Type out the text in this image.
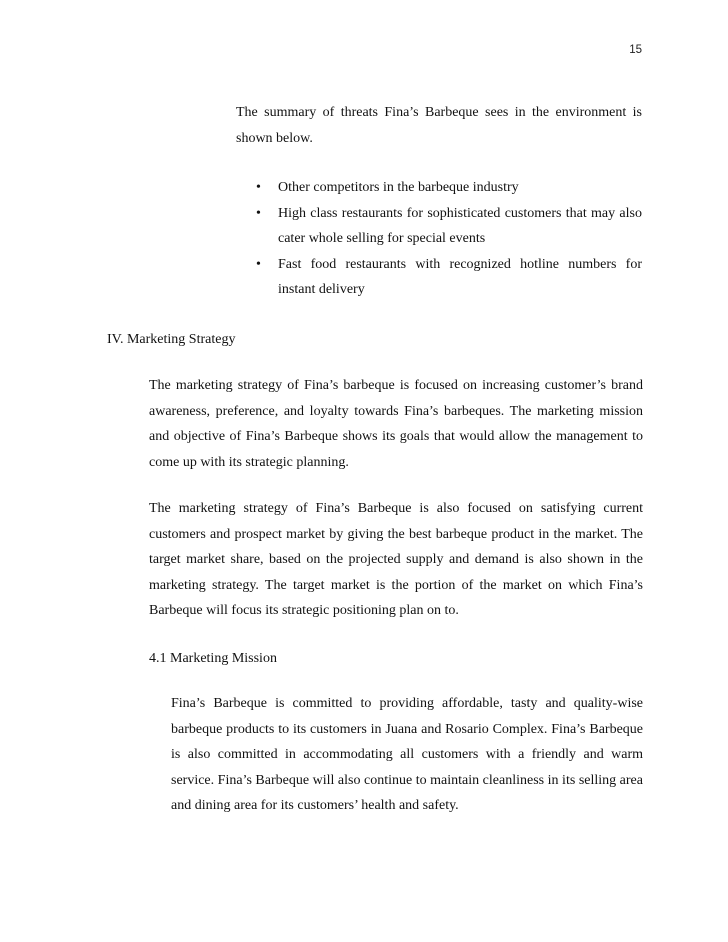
15

The summary of threats Fina’s Barbeque sees in the environment is shown below.

• Other competitors in the barbeque industry
• High class restaurants for sophisticated customers that may also cater whole selling for special events
• Fast food restaurants with recognized hotline numbers for instant delivery
IV. Marketing Strategy

The marketing strategy of Fina’s barbeque is focused on increasing customer’s brand awareness, preference, and loyalty towards Fina’s barbeques. The marketing mission and objective of Fina’s Barbeque shows its goals that would allow the management to come up with its strategic planning.

The marketing strategy of Fina’s Barbeque is also focused on satisfying current customers and prospect market by giving the best barbeque product in the market. The target market share, based on the projected supply and demand is also shown in the marketing strategy. The target market is the portion of the market on which Fina’s Barbeque will focus its strategic positioning plan on to.

4.1 Marketing Mission

Fina’s Barbeque is committed to providing affordable, tasty and quality-wise barbeque products to its customers in Juana and Rosario Complex. Fina’s Barbeque is also committed in accommodating all customers with a friendly and warm service. Fina’s Barbeque will also continue to maintain cleanliness in its selling area and dining area for its customers’ health and safety.
